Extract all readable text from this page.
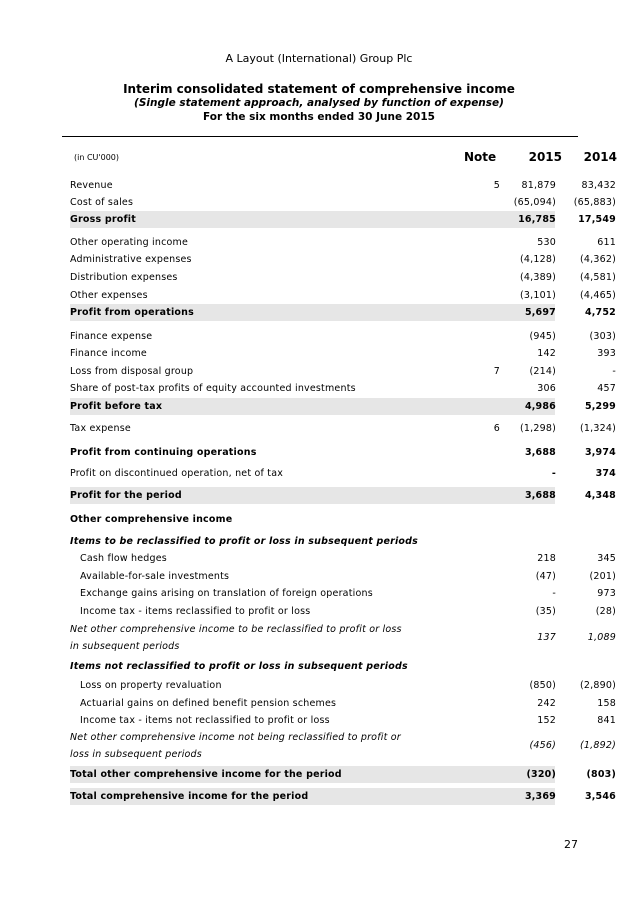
A Layout (International) Group Plc
Interim consolidated statement of comprehensive income
(Single statement approach, analysed by function of expense)
For the six months ended 30 June 2015
(in CU'000)	Note	2015	2014
Revenue	5	81,879	83,432
Cost of sales	(65,094)	(65,883)
Gross profit	16,785	17,549
Other operating income	530	611
Administrative expenses	(4,128)	(4,362)
Distribution expenses	(4,389)	(4,581)
Other expenses	(3,101)	(4,465)
Profit from operations	5,697	4,752
Finance expense	(945)	(303)
Finance income	142	393
Loss from disposal group	7	(214)	-
Share of post-tax profits of equity accounted investments	306	457
Profit before tax	4,986	5,299
Tax expense	6	(1,298)	(1,324)
Profit from continuing operations	3,688	3,974
Profit on discontinued operation, net of tax	-	374
Profit for the period	3,688	4,348
Other comprehensive income
Items to be reclassified to profit or loss in subsequent periods
Cash flow hedges	218	345
Available-for-sale investments	(47)	(201)
Exchange gains arising on translation of foreign operations	-	973
Income tax - items reclassified to profit or loss	(35)	(28)
Net other comprehensive income to be reclassified to profit or loss
in subsequent periods
137	1,089
Items not reclassified to profit or loss in subsequent periods
Loss on property revaluation	(850)	(2,890)
Actuarial gains on defined benefit pension schemes	242	158
Income tax - items not reclassified to profit or loss	152	841
Net other comprehensive income not being reclassified to profit or
loss in subsequent periods
(456)	(1,892)
Total other comprehensive income for the period	(320)	(803)
Total comprehensive income for the period	3,369	3,546
27
